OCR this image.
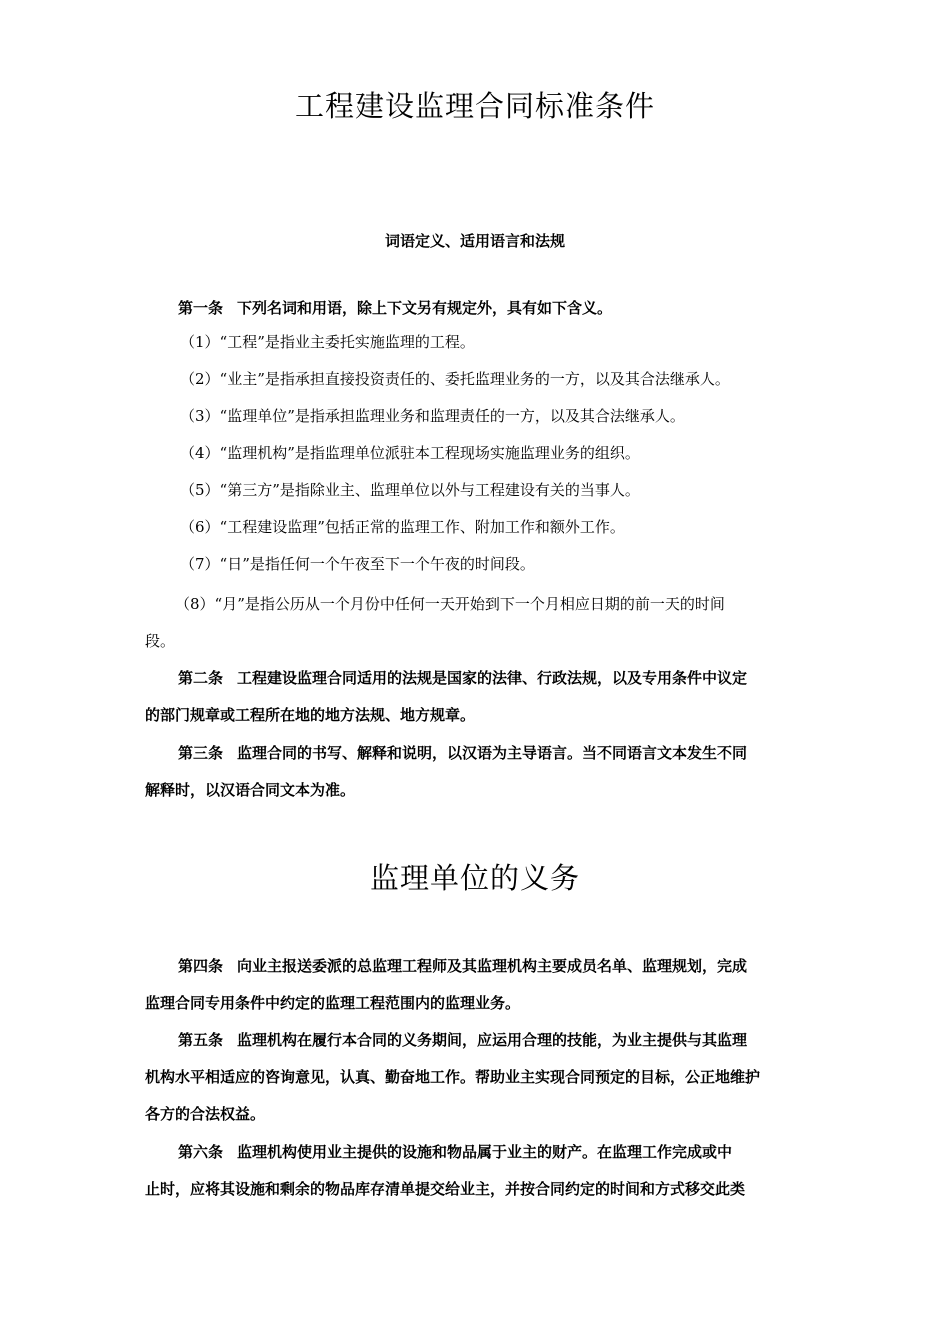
工程建设监理合同标准条件
词语定义、适用语言和法规
第一条 下列名词和用语，除上下文另有规定外，具有如下含义。
（1）“工程”是指业主委托实施监理的工程。
（2）“业主”是指承担直接投资责任的、委托监理业务的一方，以及其合法继承人。
（3）“监理单位”是指承担监理业务和监理责任的一方，以及其合法继承人。
（4）“监理机构”是指监理单位派驻本工程现场实施监理业务的组织。
（5）“第三方”是指除业主、监理单位以外与工程建设有关的当事人。
（6）“工程建设监理”包括正常的监理工作、附加工作和额外工作。
（7）“日”是指任何一个午夜至下一个午夜的时间段。
（8）“月”是指公历从一个月份中任何一天开始到下一个月相应日期的前一天的时间
段。
第二条 工程建设监理合同适用的法规是国家的法律、行政法规，以及专用条件中议定
的部门规章或工程所在地的地方法规、地方规章。
第三条 监理合同的书写、解释和说明，以汉语为主导语言。当不同语言文本发生不同
解释时，以汉语合同文本为准。
监理单位的义务
第四条 向业主报送委派的总监理工程师及其监理机构主要成员名单、监理规划，完成
监理合同专用条件中约定的监理工程范围内的监理业务。
第五条 监理机构在履行本合同的义务期间，应运用合理的技能，为业主提供与其监理
机构水平相适应的咨询意见，认真、勤奋地工作。帮助业主实现合同预定的目标，公正地维护
各方的合法权益。
第六条 监理机构使用业主提供的设施和物品属于业主的财产。在监理工作完成或中
止时，应将其设施和剩余的物品库存清单提交给业主，并按合同约定的时间和方式移交此类
